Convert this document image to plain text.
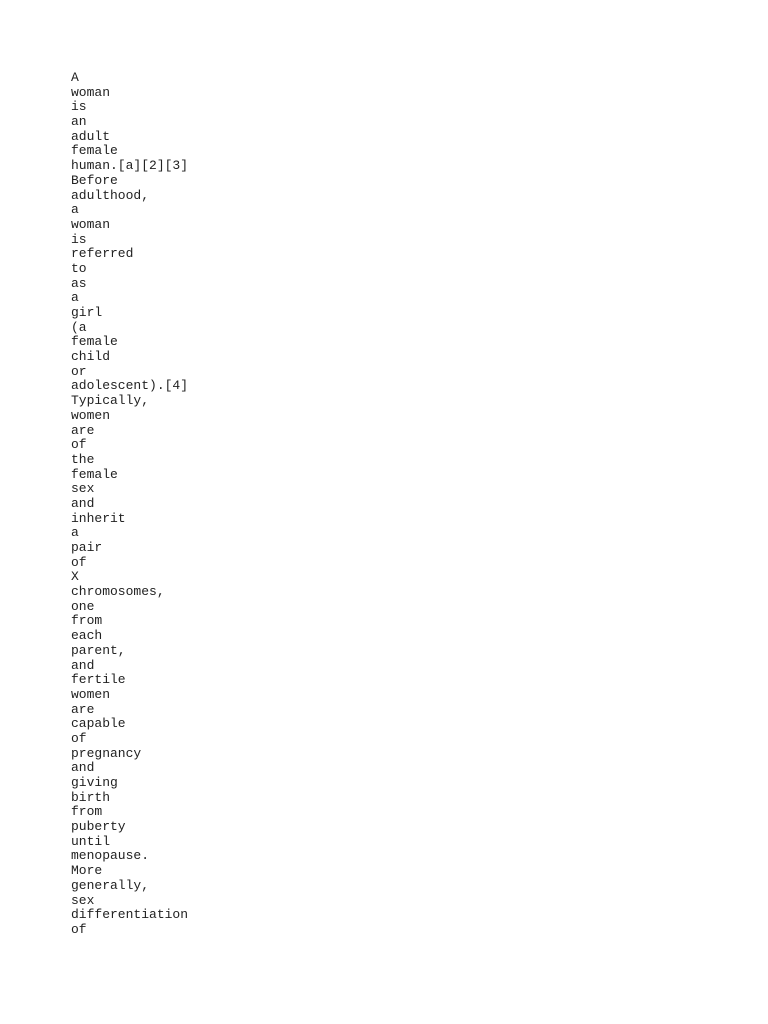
A
woman
is
an
adult
female
human.[a][2][3]
Before
adulthood,
a
woman
is
referred
to
as
a
girl
(a
female
child
or
adolescent).[4]
Typically,
women
are
of
the
female
sex
and
inherit
a
pair
of
X
chromosomes,
one
from
each
parent,
and
fertile
women
are
capable
of
pregnancy
and
giving
birth
from
puberty
until
menopause.
More
generally,
sex
differentiation
of
